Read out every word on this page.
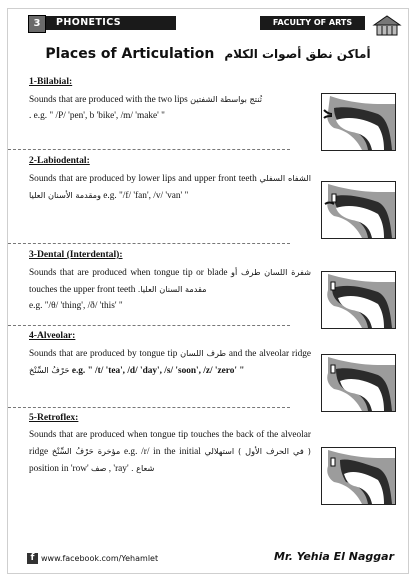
3	PHONETICS	FACULTY OF ARTS
Places of Articulation أماكن نطق أصوات الكلام
1-Bilabial:

Sounds that are produced with the two lips تُنتج بواسطة الشفتين
. e.g. " /P/ 'pen', b 'bike', /m/ 'make' "

2-Labiodental:

Sounds that are produced by lower lips and upper front teeth الشفاه السفلي ومقدمة الأسنان العليا e.g. "/f/ 'fan', /v/ 'van' "

3-Dental (Interdental):

Sounds that are produced when tongue tip or blade طرف أو شفرة اللسان touches the upper front teeth مقدمة السنان العليا.
e.g. "/θ/ 'thing', /ð/ 'this' "

4-Alveolar:

Sounds that are produced by tongue tip طرف اللسان and the alveolar ridge حَرْفُ السِّنْخ e.g. " /t/ 'tea', /d/ 'day', /s/ 'soon', /z/ 'zero' "

5-Retroflex:

Sounds that are produced when tongue tip touches the back of the alveolar ridge مؤخرة حَرْفُ السِّنْخ e.g. /r/ in the initial استهلالي ( في الحرف الأول ) position in 'row' صف , 'ray' شعاع .

f www.facebook.com/Yehamlet	Mr. Yehia El Naggar
